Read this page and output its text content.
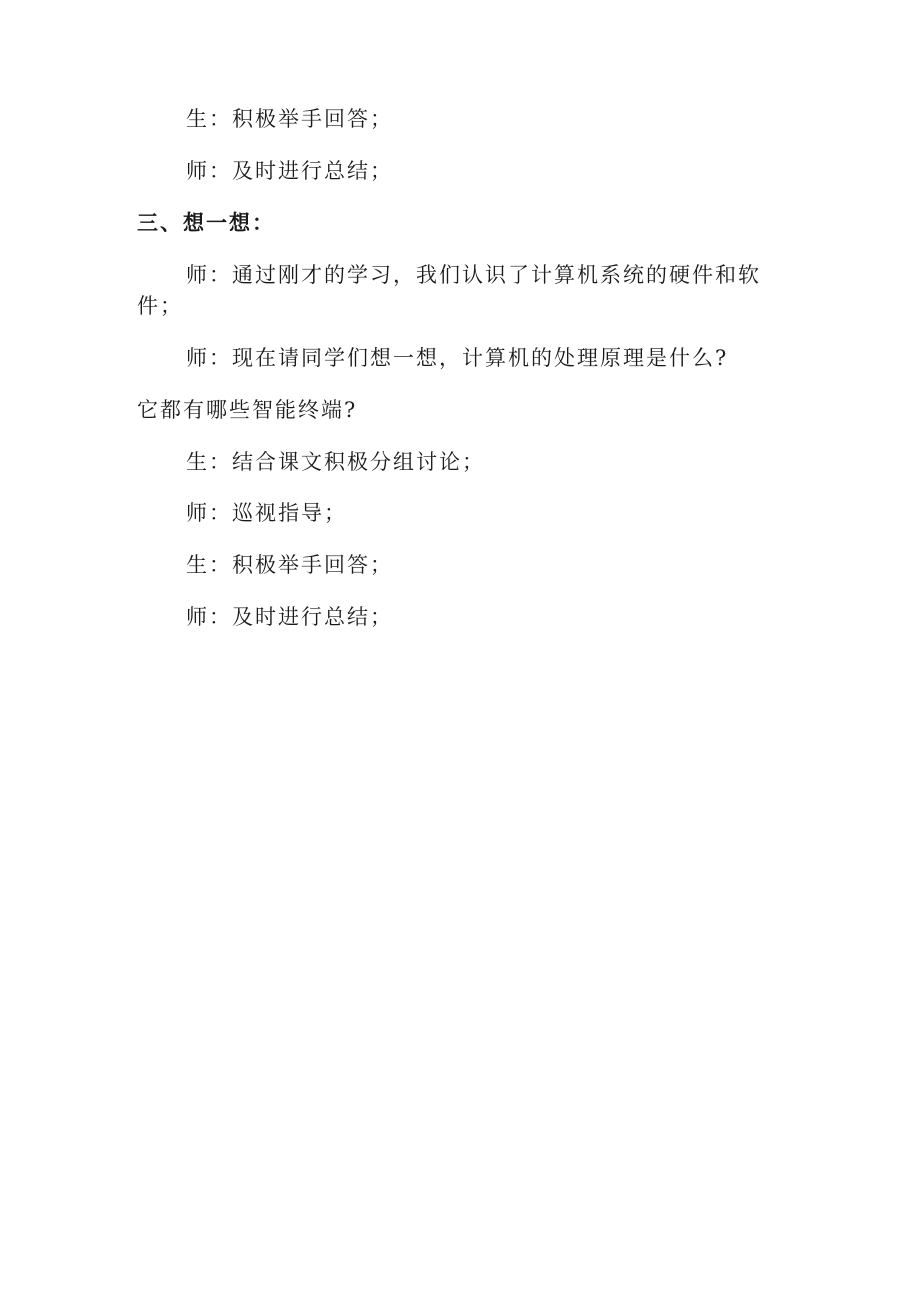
生：积极举手回答；
师：及时进行总结；
三、想一想：
师：通过刚才的学习，我们认识了计算机系统的硬件和软
件；
师：现在请同学们想一想，计算机的处理原理是什么?
它都有哪些智能终端?
生：结合课文积极分组讨论；
师：巡视指导；
生：积极举手回答；
师：及时进行总结；
